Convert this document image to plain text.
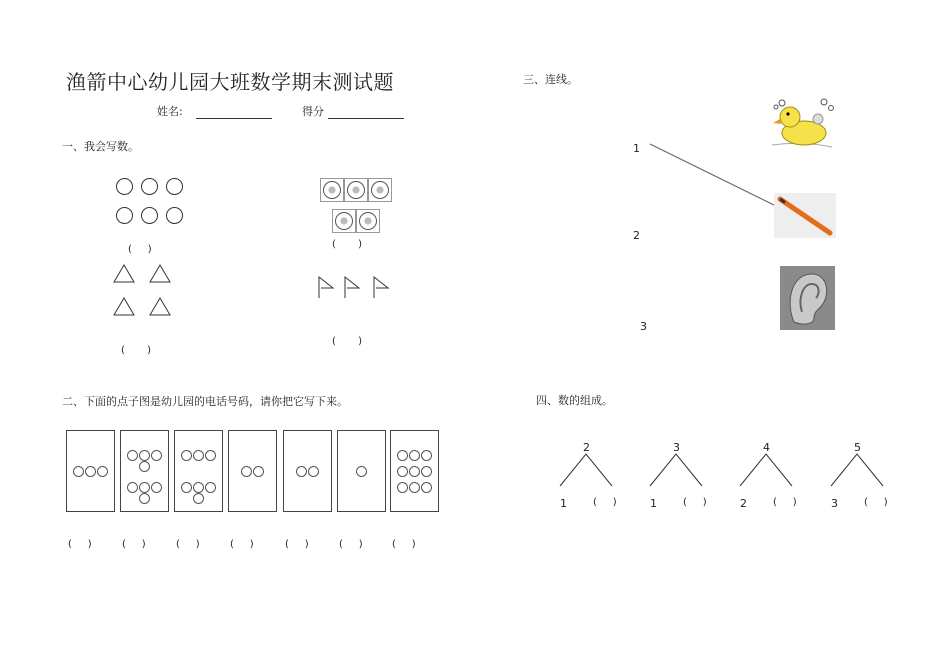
渔箭中心幼儿园大班数学期末测试题
姓名:	得分
一、我会写数。
二、下面的点子图是幼儿园的电话号码，请你把它写下来。
三、连线。
四、数的组成。
(     )
(       )
(       )
(       )
(     )	(     )	(     )	(     )	(     )	(     )	(     )
1
2
3
2
1	(     )
3
1	(     )
4
2	(     )
5
3	(     )
